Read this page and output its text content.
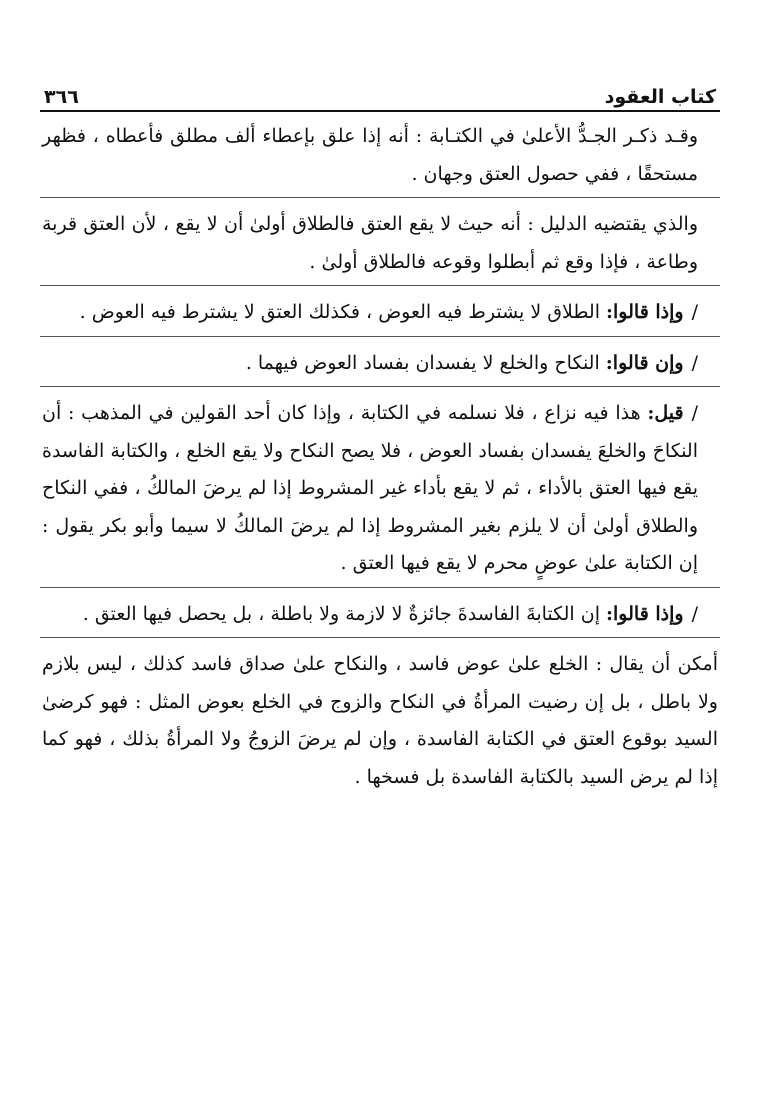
كتاب العقود
٣٦٦

وقـد ذكـر الجـدُّ الأعلىٰ في الكتـابة : أنه إذا علق بإعطاء ألف مطلق فأعطاه ، فظهر مستحقًا ، ففي حصول العتق وجهان .

والذي يقتضيه الدليل : أنه حيث لا يقع العتق فالطلاق أولىٰ أن لا يقع ، لأن العتق قربة وطاعة ، فإذا وقع ثم أبطلوا وقوعه فالطلاق أولىٰ .

/وإذا قالوا: الطلاق لا يشترط فيه العوض ، فكذلك العتق لا يشترط فيه العوض .

/وإن قالوا: النكاح والخلع لا يفسدان بفساد العوض فيهما .

/قيل: هذا فيه نزاع ، فلا نسلمه في الكتابة ، وإذا كان أحد القولين في المذهب : أن النكاحَ والخلعَ يفسدان بفساد العوض ، فلا يصح النكاح ولا يقع الخلع ، والكتابة الفاسدة يقع فيها العتق بالأداء ، ثم لا يقع بأداء غير المشروط إذا لم يرضَ المالكُ ، ففي النكاح والطلاق أولىٰ أن لا يلزم بغير المشروط إذا لم يرضَ المالكُ لا سيما وأبو بكر يقول : إن الكتابة علىٰ عوضٍ محرم لا يقع فيها العتق .

/وإذا قالوا: إن الكتابةَ الفاسدةَ جائزةٌ لا لازمة ولا باطلة ، بل يحصل فيها العتق .

أمكن أن يقال : الخلع علىٰ عوض فاسد ، والنكاح علىٰ صداق فاسد كذلك ، ليس بلازم ولا باطل ، بل إن رضيت المرأةُ في النكاح والزوج في الخلع بعوض المثل : فهو كرضىٰ السيد بوقوع العتق في الكتابة الفاسدة ، وإن لم يرضَ الزوجُ ولا المرأةُ بذلك ، فهو كما إذا لم يرض السيد بالكتابة الفاسدة بل فسخها .
